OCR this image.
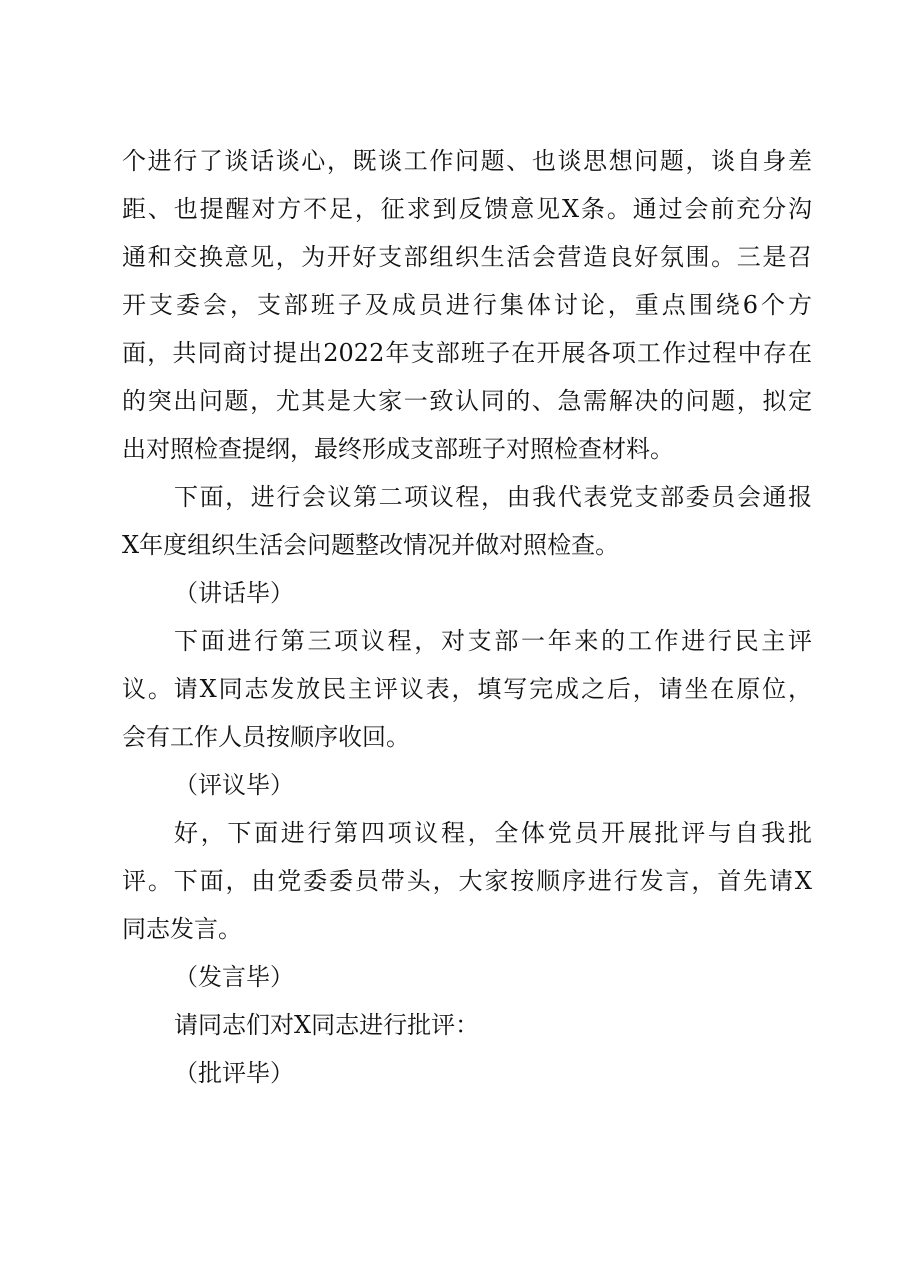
个进行了谈话谈心，既谈工作问题、也谈思想问题，谈自身差
距、也提醒对方不足，征求到反馈意见X条。通过会前充分沟
通和交换意见，为开好支部组织生活会营造良好氛围。三是召
开支委会，支部班子及成员进行集体讨论，重点围绕6个方
面，共同商讨提出2022年支部班子在开展各项工作过程中存在
的突出问题，尤其是大家一致认同的、急需解决的问题，拟定
出对照检查提纲，最终形成支部班子对照检查材料。
下面，进行会议第二项议程，由我代表党支部委员会通报
X年度组织生活会问题整改情况并做对照检查。
（讲话毕）
下面进行第三项议程，对支部一年来的工作进行民主评
议。请X同志发放民主评议表，填写完成之后，请坐在原位，
会有工作人员按顺序收回。
（评议毕）
好，下面进行第四项议程，全体党员开展批评与自我批
评。下面，由党委委员带头，大家按顺序进行发言，首先请X
同志发言。
（发言毕）
请同志们对X同志进行批评：
（批评毕）
